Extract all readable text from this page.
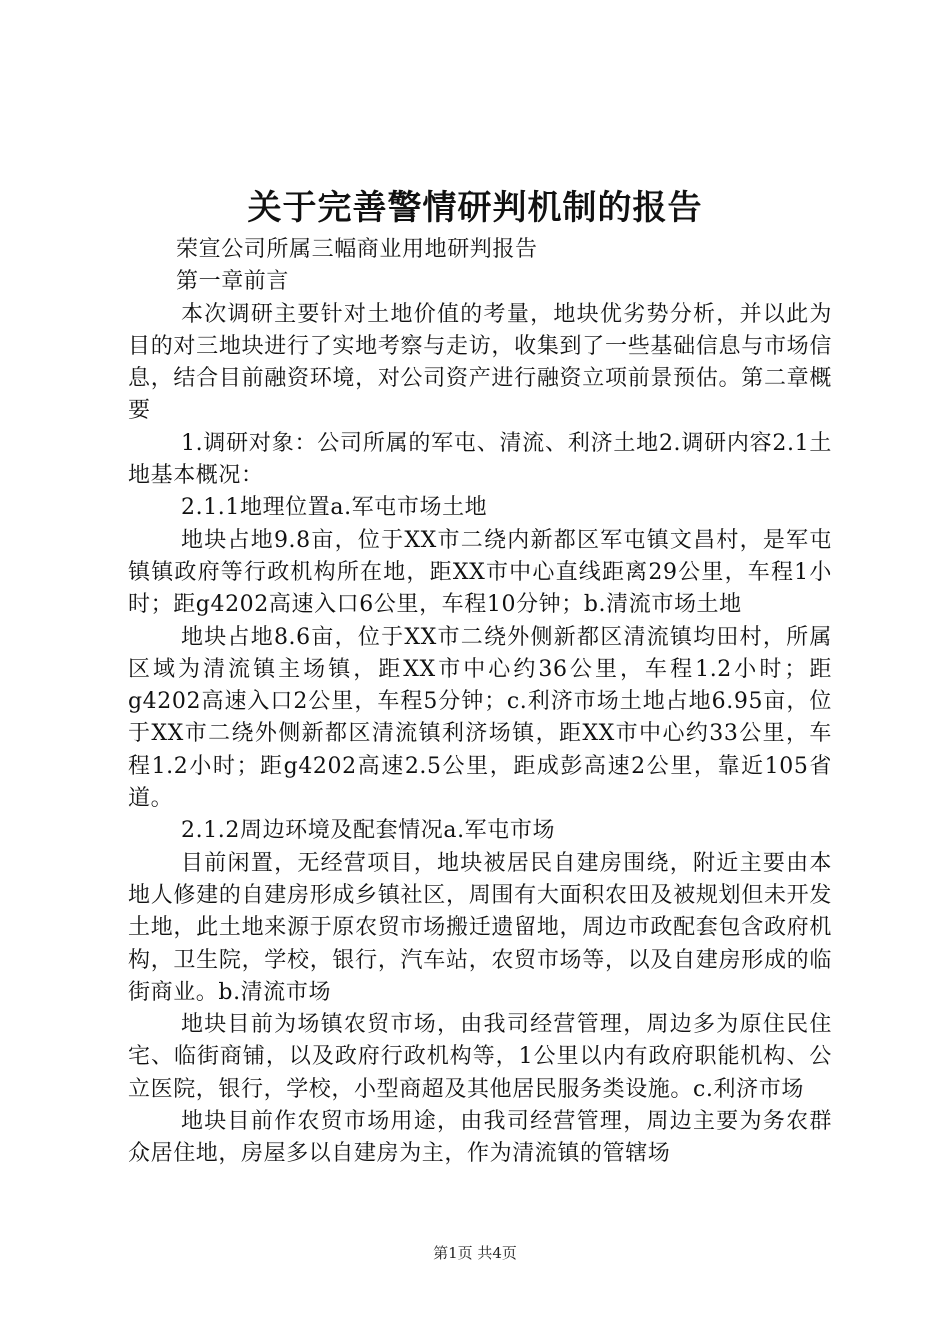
关于完善警情研判机制的报告

荣宣公司所属三幅商业用地研判报告

第一章前言

本次调研主要针对土地价值的考量，地块优劣势分析，并以此为目的对三地块进行了实地考察与走访，收集到了一些基础信息与市场信息，结合目前融资环境，对公司资产进行融资立项前景预估。第二章概要

1.调研对象：公司所属的军屯、清流、利济土地2.调研内容2.1土地基本概况：

2.1.1地理位置a.军屯市场土地

地块占地9.8亩，位于XX市二绕内新都区军屯镇文昌村，是军屯镇镇政府等行政机构所在地，距XX市中心直线距离29公里，车程1小时；距g4202高速入口6公里，车程10分钟；b.清流市场土地

地块占地8.6亩，位于XX市二绕外侧新都区清流镇均田村，所属区域为清流镇主场镇，距XX市中心约36公里，车程1.2小时；距g4202高速入口2公里，车程5分钟；c.利济市场土地占地6.95亩，位于XX市二绕外侧新都区清流镇利济场镇，距XX市中心约33公里，车程1.2小时；距g4202高速2.5公里，距成彭高速2公里，靠近105省道。

2.1.2周边环境及配套情况a.军屯市场

目前闲置，无经营项目，地块被居民自建房围绕，附近主要由本地人修建的自建房形成乡镇社区，周围有大面积农田及被规划但未开发土地，此土地来源于原农贸市场搬迁遗留地，周边市政配套包含政府机构，卫生院，学校，银行，汽车站，农贸市场等，以及自建房形成的临街商业。b.清流市场

地块目前为场镇农贸市场，由我司经营管理，周边多为原住民住宅、临街商铺，以及政府行政机构等，1公里以内有政府职能机构、公立医院，银行，学校，小型商超及其他居民服务类设施。c.利济市场

地块目前作农贸市场用途，由我司经营管理，周边主要为务农群众居住地，房屋多以自建房为主，作为清流镇的管辖场

第1页 共4页
